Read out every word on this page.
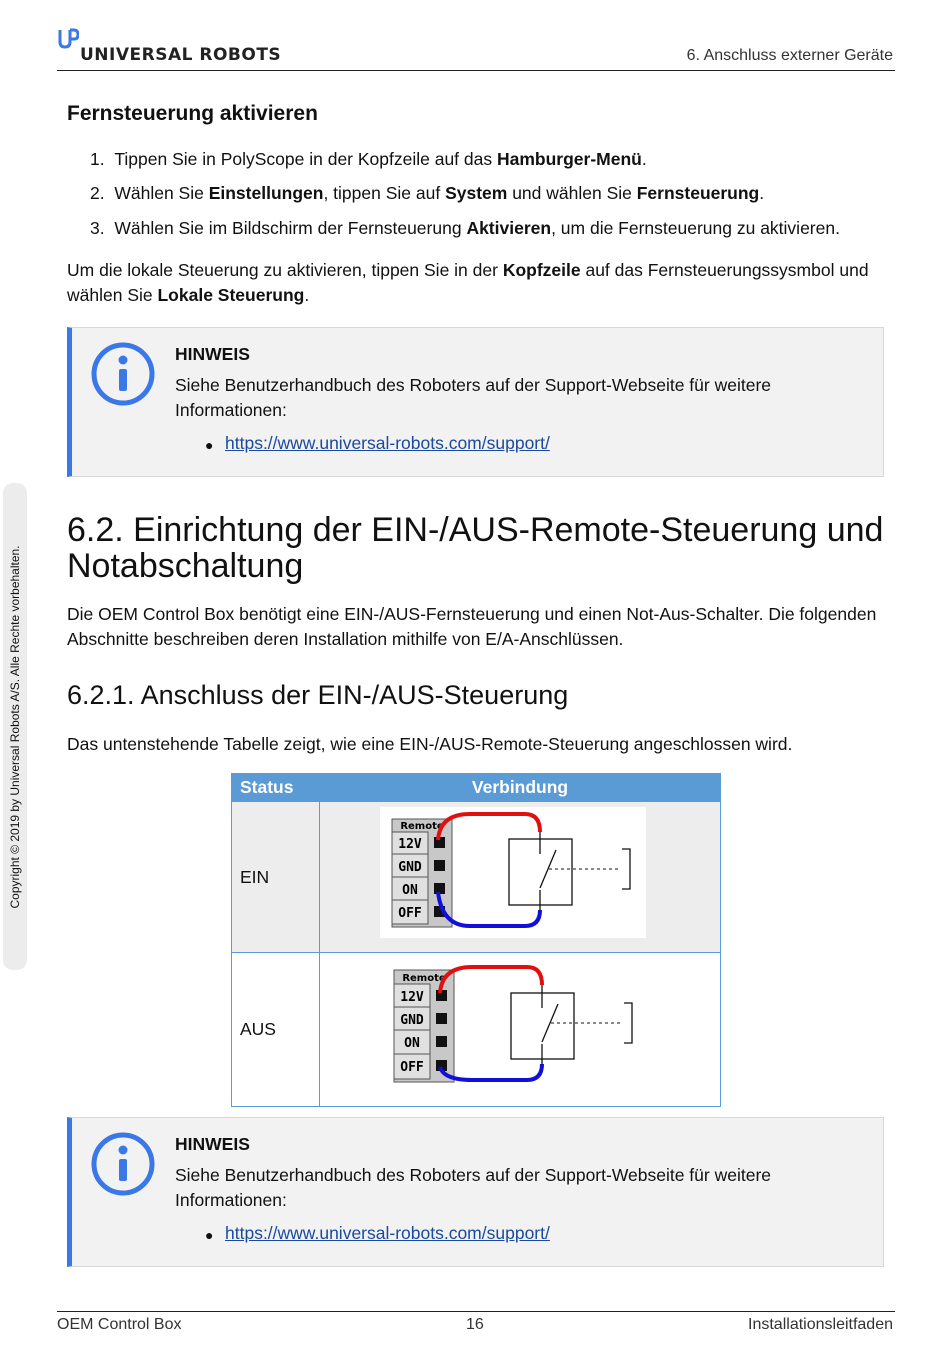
UNIVERSAL ROBOTS	6. Anschluss externer Geräte
Copyright © 2019 by Universal Robots A/S. Alle Rechte vorbehalten.
Fernsteuerung aktivieren
1. Tippen Sie in PolyScope in der Kopfzeile auf das Hamburger-Menü.
2. Wählen Sie Einstellungen, tippen Sie auf System und wählen Sie Fernsteuerung.
3. Wählen Sie im Bildschirm der Fernsteuerung Aktivieren, um die Fernsteuerung zu aktivieren.
Um die lokale Steuerung zu aktivieren, tippen Sie in der Kopfzeile auf das Fernsteuerungssysmbol und
wählen Sie Lokale Steuerung.
HINWEIS
Siehe Benutzerhandbuch des Roboters auf der Support-Webseite für weitere Informationen:
● https://www.universal-robots.com/support/
6.2. Einrichtung der EIN-/AUS-Remote-Steuerung und
Notabschaltung
Die OEM Control Box benötigt eine EIN-/AUS-Fernsteuerung und einen Not-Aus-Schalter. Die folgenden
Abschnitte beschreiben deren Installation mithilfe von E/A-Anschlüssen.
6.2.1. Anschluss der EIN-/AUS-Steuerung
Das untenstehende Tabelle zeigt, wie eine EIN-/AUS-Remote-Steuerung angeschlossen wird.
Status	Verbindung
EIN	Remote
12V
GND
ON
OFF

AUS	Remote
12V
GND
ON
OFF
HINWEIS
Siehe Benutzerhandbuch des Roboters auf der Support-Webseite für weitere Informationen:
● https://www.universal-robots.com/support/
OEM Control Box	16	Installationsleitfaden
